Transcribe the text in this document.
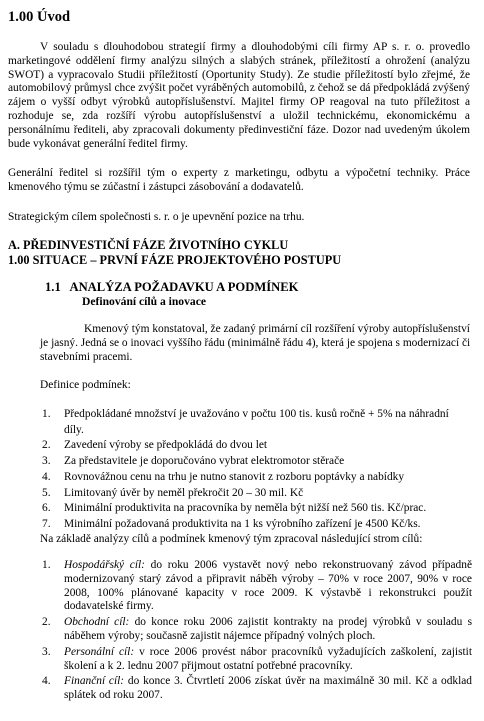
1.00 Úvod
V souladu s dlouhodobou strategií firmy a dlouhodobými cíli firmy AP s. r. o. provedlo marketingové oddělení firmy analýzu silných a slabých stránek, příležitostí a ohrožení (analýzu SWOT) a vypracovalo Studii příležitostí (Oportunity Study). Ze studie příležitostí bylo zřejmé, že automobilový průmysl chce zvýšit počet vyráběných automobilů, z čehož se dá předpokládá zvýšený zájem o vyšší odbyt výrobků autopříslušenství. Majitel firmy OP reagoval na tuto příležitost a rozhoduje se, zda rozšíří výrobu autopříslušenství a uložil technickému, ekonomickému a personálnímu řediteli, aby zpracovali dokumenty předinvestiční fáze. Dozor nad uvedeným úkolem bude vykonávat generální ředitel firmy.
Generální ředitel si rozšířil tým o experty z marketingu, odbytu a výpočetní techniky. Práce kmenového týmu se zúčastní i zástupci zásobování a dodavatelů.
Strategickým cílem společnosti s. r. o je upevnění pozice na trhu.
A. PŘEDINVESTIČNÍ FÁZE ŽIVOTNÍHO CYKLU
1.00 SITUACE – PRVNÍ FÁZE PROJEKTOVÉHO POSTUPU
1.1 ANALÝZA POŽADAVKU A PODMÍNEK
Definování cílů a inovace
Kmenový tým konstatoval, že zadaný primární cíl rozšíření výroby autopříslušenství je jasný. Jedná se o inovaci vyššího řádu (minimálně řádu 4), která je spojena s modernizací či stavebními pracemi.
Definice podmínek:
1. Předpokládané množství je uvažováno v počtu 100 tis. kusů ročně + 5% na náhradní díly.
2. Zavedení výroby se předpokládá do dvou let
3. Za představitele je doporučováno vybrat elektromotor stěrače
4. Rovnovážnou cenu na trhu je nutno stanovit z rozboru poptávky a nabídky
5. Limitovaný úvěr by neměl překročit 20 – 30 mil. Kč
6. Minimální produktivita na pracovníka by neměla být nižší než 560 tis. Kč/prac.
7. Minimální požadovaná produktivita na 1 ks výrobního zařízení je 4500 Kč/ks.
Na základě analýzy cílů a podmínek kmenový tým zpracoval následující strom cílů:
1. Hospodářský cíl: do roku 2006 vystavět nový nebo rekonstruovaný závod případně modernizovaný starý závod a připravit náběh výroby – 70% v roce 2007, 90% v roce 2008, 100% plánované kapacity v roce 2009. K výstavbě i rekonstrukci použít dodavatelské firmy.
2. Obchodní cíl: do konce roku 2006 zajistit kontrakty na prodej výrobků v souladu s náběhem výroby; současně zajistit nájemce případný volných ploch.
3. Personální cíl: v roce 2006 provést nábor pracovníků vyžadujících zaškolení, zajistit školení a k 2. lednu 2007 přijmout ostatní potřebné pracovníky.
4. Finanční cíl: do konce 3. Čtvrtletí 2006 získat úvěr na maximálně 30 mil. Kč a odklad splátek od roku 2007.
